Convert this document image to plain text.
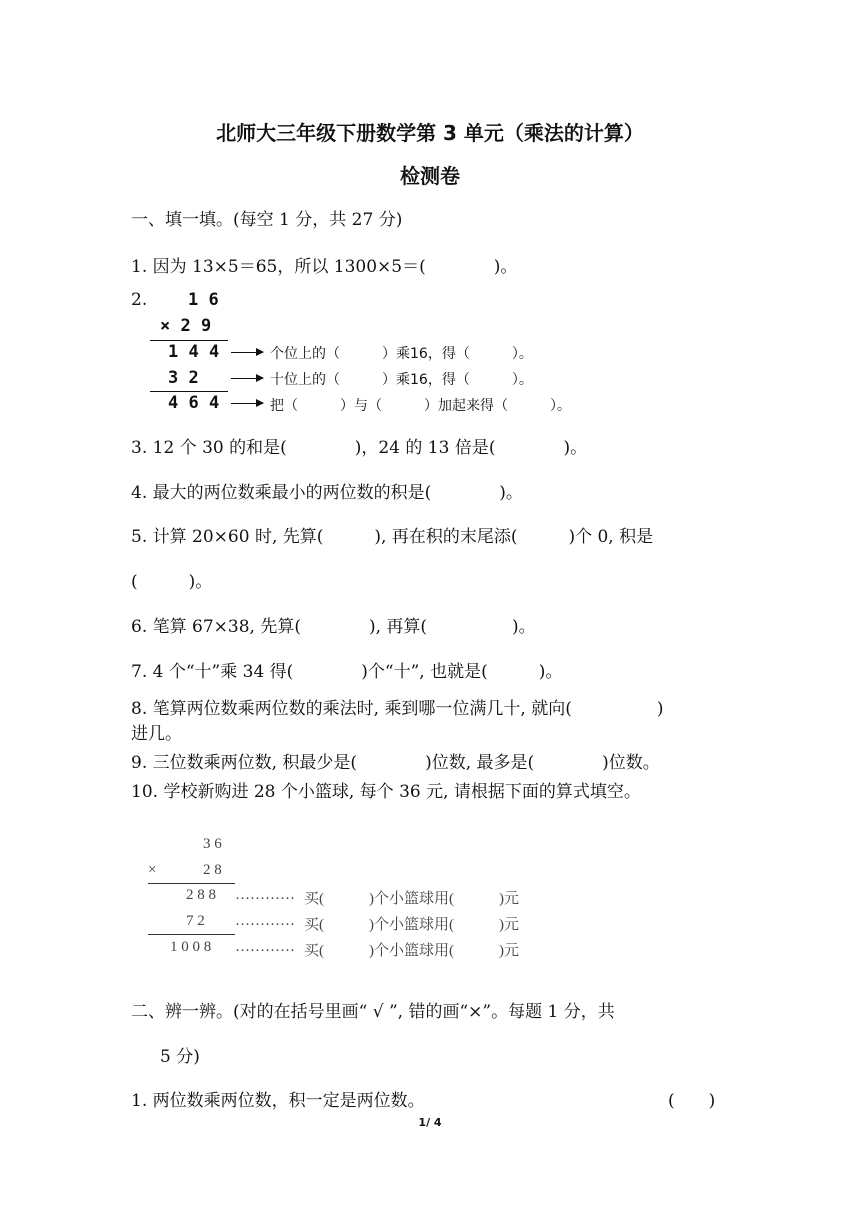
北师大三年级下册数学第 3 单元（乘法的计算）
检测卷
一、填一填。(每空 1 分，共 27 分)
1. 因为 13×5＝65，所以 1300×5＝(　　　　)。
2. 1 6
× 2 9
1 4 4	个位上的（　　　）乘16，得（　　　）。
3 2	十位上的（　　　）乘16，得（　　　）。
4 6 4	把（　　　）与（　　　）加起来得（　　　）。
3. 12 个 30 的和是(　　　　)，24 的 13 倍是(　　　　)。
4. 最大的两位数乘最小的两位数的积是(　　　　)。
5. 计算 20×60 时, 先算(　　　), 再在积的末尾添(　　　)个 0, 积是
(　　　)。
6. 笔算 67×38, 先算(　　　　), 再算(　　　　　)。
7. 4 个“十”乘 34 得(　　　　)个“十”, 也就是(　　　)。
8. 笔算两位数乘两位数的乘法时, 乘到哪一位满几十, 就向(　　　　　)
进几。
9. 三位数乘两位数, 积最少是(　　　　)位数, 最多是(　　　　)位数。
10. 学校新购进 28 个小篮球, 每个 36 元, 请根据下面的算式填空。
3 6
×	2 8
2 8 8 ………… 买(　　　)个小篮球用(　　　)元
7 2 ………… 买(　　　)个小篮球用(　　　)元
1 0 0 8 ………… 买(　　　)个小篮球用(　　　)元
二、辨一辨。(对的在括号里画“ √ ”, 错的画“×”。每题 1 分，共
5 分)
1. 两位数乘两位数，积一定是两位数。	(　　)
1/ 4
